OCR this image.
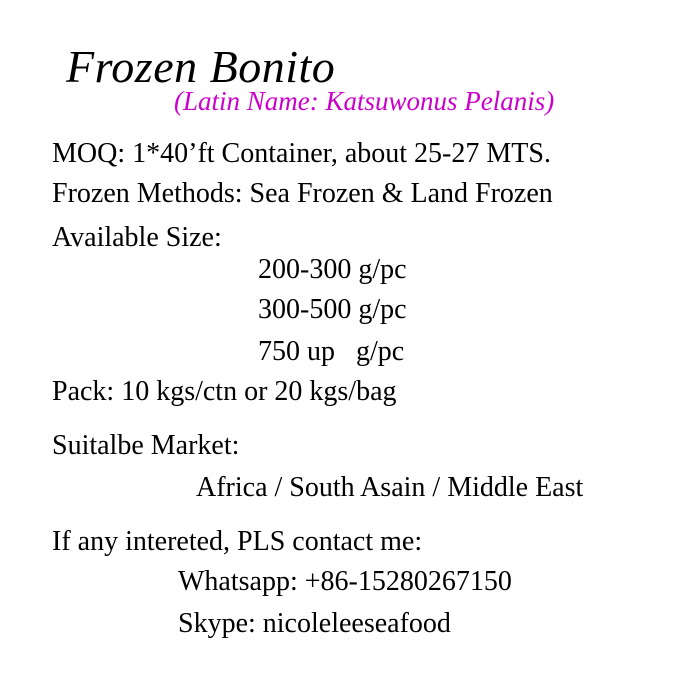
Frozen Bonito
(Latin Name: Katsuwonus Pelanis)
MOQ: 1*40’ft Container, about 25-27 MTS.
Frozen Methods: Sea Frozen & Land Frozen
Available Size:
200-300 g/pc
300-500 g/pc
750 up   g/pc
Pack: 10 kgs/ctn or 20 kgs/bag
Suitalbe Market:
Africa / South Asain / Middle East
If any intereted, PLS contact me:
Whatsapp: +86-15280267150
Skype: nicoleleeseafood
